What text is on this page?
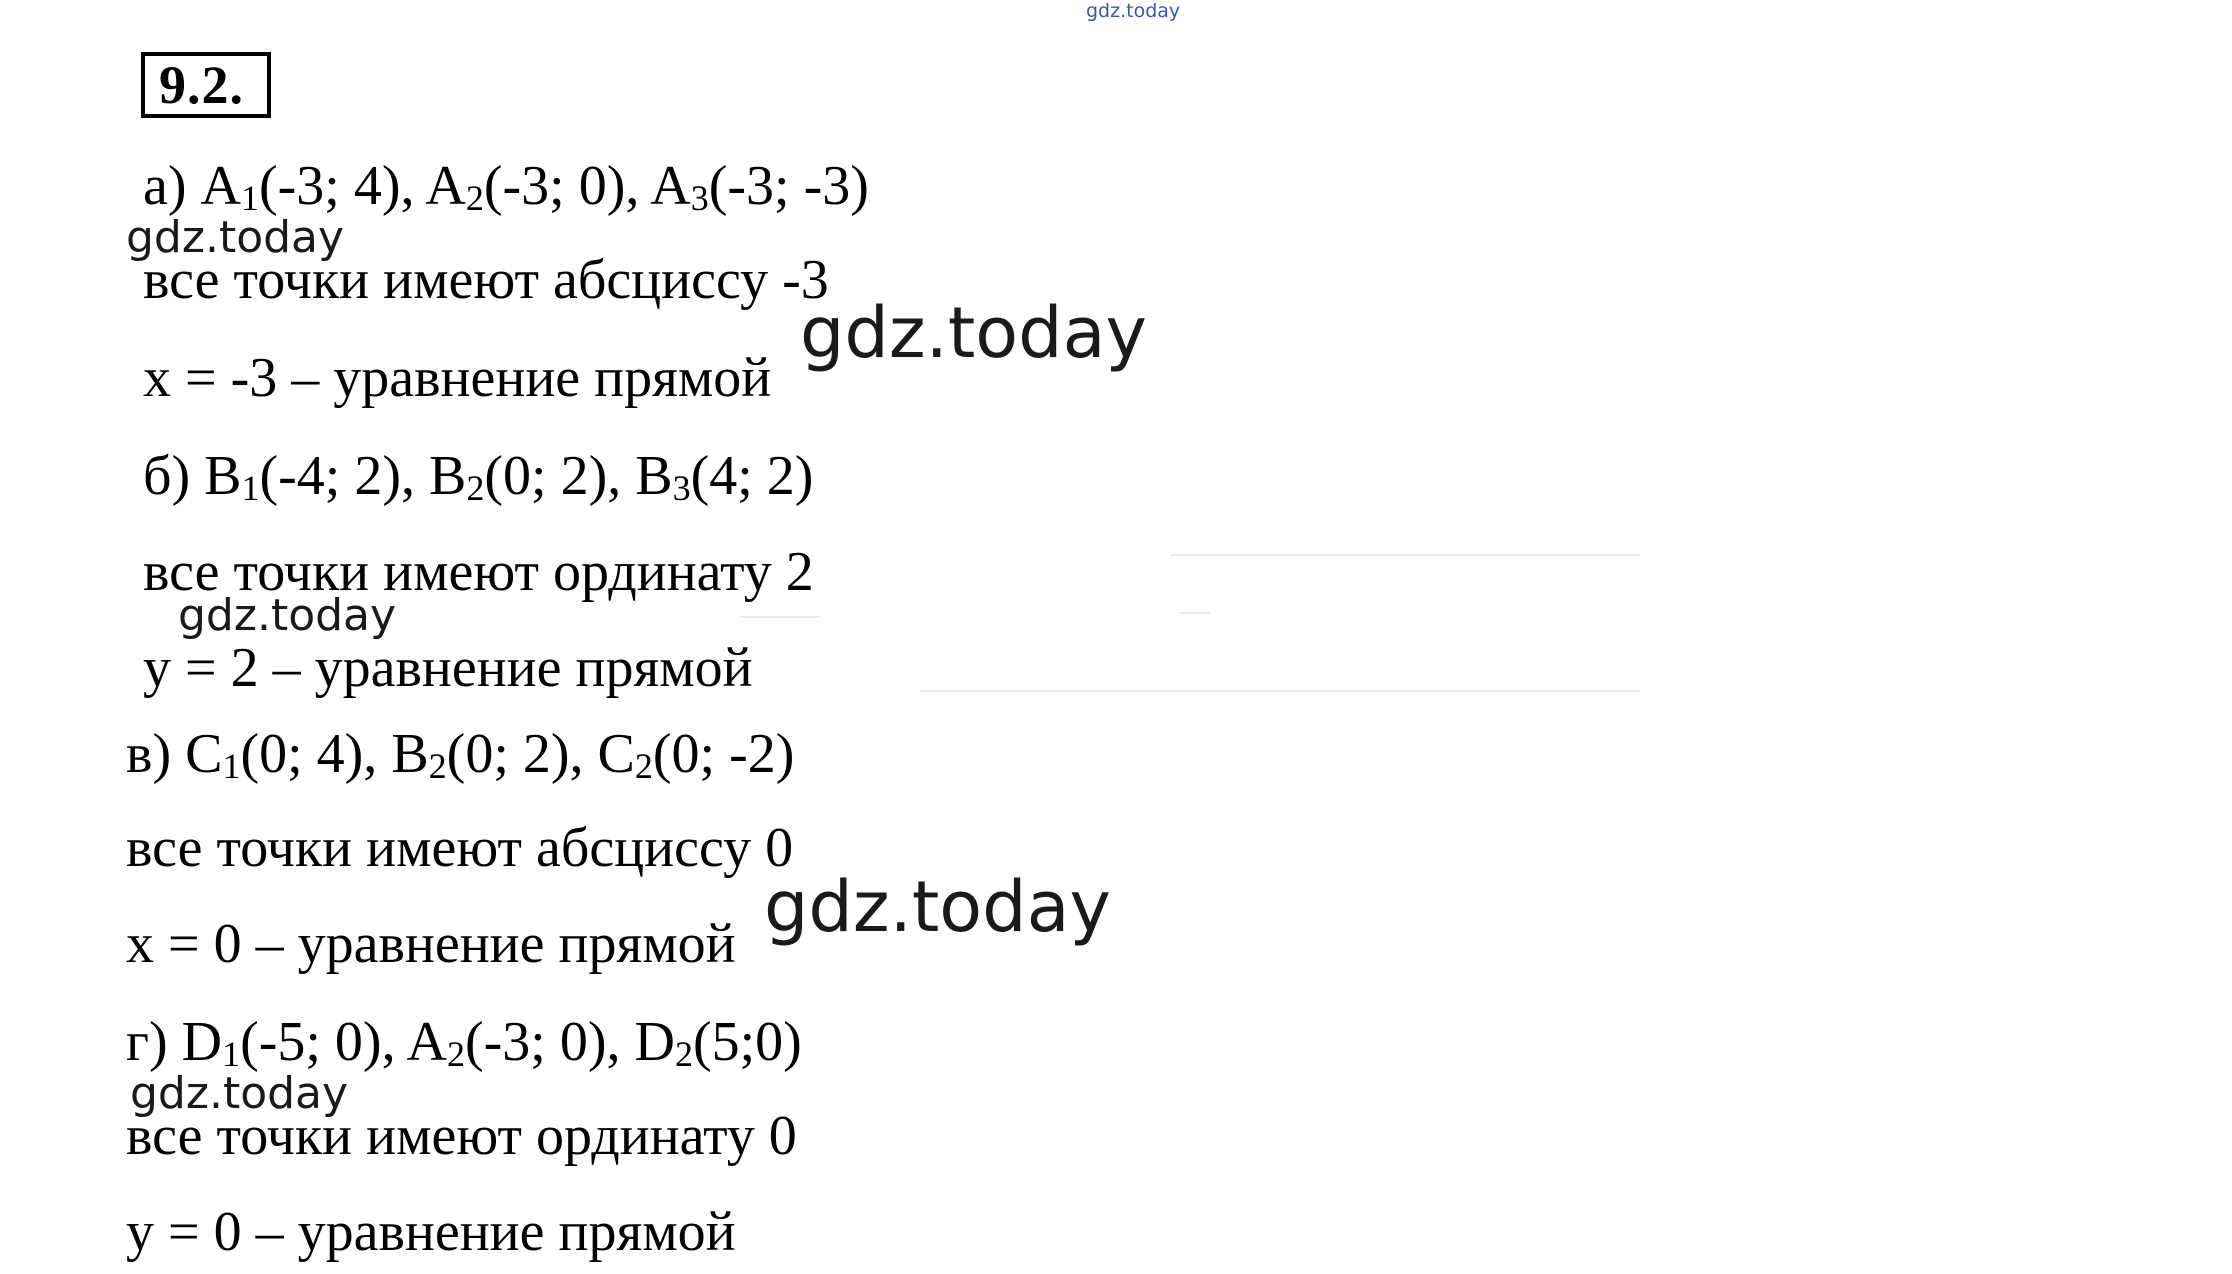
gdz.today
9.2.
а) $A_1(-3$; 4), $A_2(-3$; 0), $A_3(-3$; -3)
gdz.today
все точки имеют абсциссу -3
x = -3 – уравнение прямой
gdz.today
б) $B_1(-4$; 2), $B_2(0$; 2), $B_3(4$; 2)
все точки имеют ординату 2
gdz.today
y = 2 – уравнение прямой
в) $C_1(0$; 4), $B_2(0$; 2), $C_2(0$; -2)
все точки имеют абсциссу 0
x = 0 – уравнение прямой gdz.today
г) $D_1(-5$; 0), $A_2(-3$; 0), $D_2(5;0)$
gdz.today
все точки имеют ординату 0
y = 0 – уравнение прямой
